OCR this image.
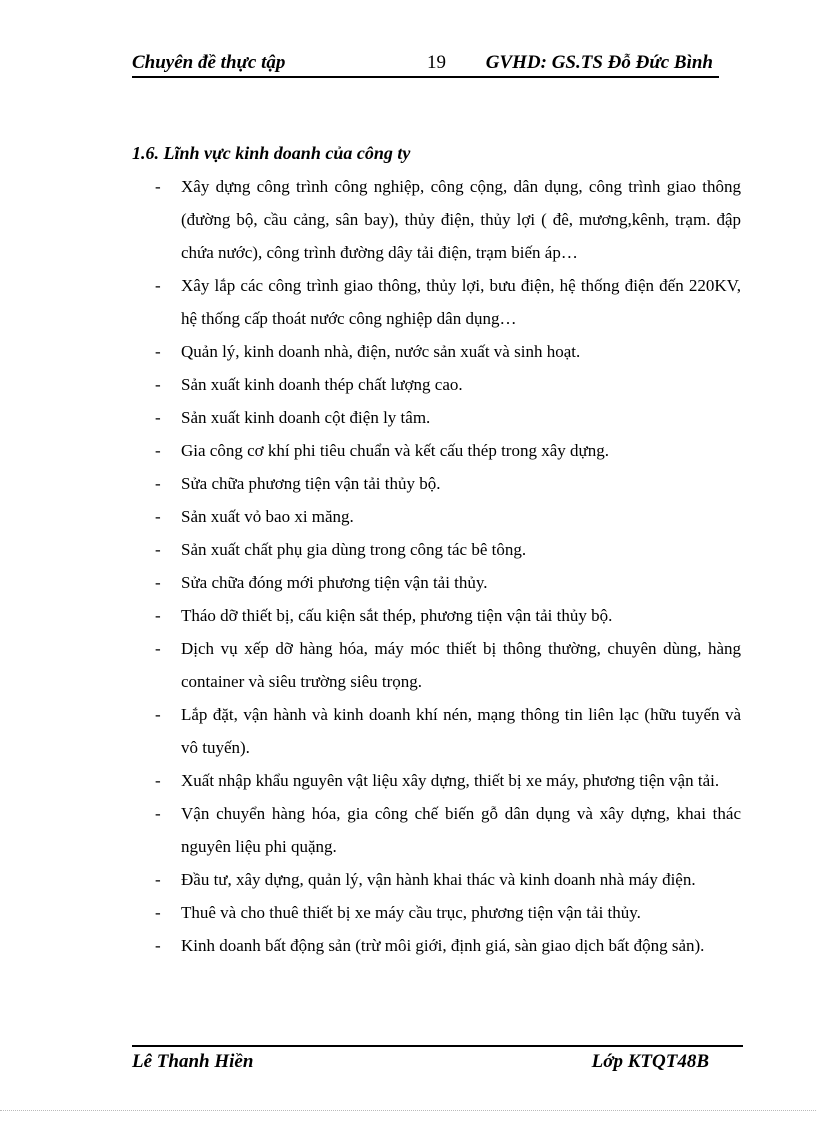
Chuyên đề thực tập	19 GVHD: GS.TS Đỗ Đức Bình
1.6. Lĩnh vực kinh doanh của công ty
- Xây dựng công trình công nghiệp, công cộng, dân dụng, công trình giao thông (đường bộ, cầu cảng, sân bay), thủy điện, thủy lợi ( đê, mương,kênh, trạm. đập chứa nước), công trình đường dây tải điện, trạm biến áp…
- Xây lắp các công trình giao thông, thủy lợi, bưu điện, hệ thống điện đến 220KV, hệ thống cấp thoát nước công nghiệp dân dụng…
- Quản lý, kinh doanh nhà, điện, nước sản xuất và sinh hoạt.
- Sản xuất kinh doanh thép chất lượng cao.
- Sản xuất kinh doanh cột điện ly tâm.
- Gia công cơ khí phi tiêu chuẩn và kết cấu thép trong xây dựng.
- Sửa chữa phương tiện vận tải thủy bộ.
- Sản xuất vỏ bao xi măng.
- Sản xuất chất phụ gia dùng trong công tác bê tông.
- Sửa chữa đóng mới phương tiện vận tải thủy.
- Tháo dỡ thiết bị, cấu kiện sắt thép, phương tiện vận tải thủy bộ.
- Dịch vụ xếp dỡ hàng hóa, máy móc thiết bị thông thường, chuyên dùng, hàng container và siêu trường siêu trọng.
- Lắp đặt, vận hành và kinh doanh khí nén, mạng thông tin liên lạc (hữu tuyến và vô tuyến).
- Xuất nhập khẩu nguyên vật liệu xây dựng, thiết bị xe máy, phương tiện vận tải.
- Vận chuyển hàng hóa, gia công chế biến gỗ dân dụng và xây dựng, khai thác nguyên liệu phi quặng.
- Đầu tư, xây dựng, quản lý, vận hành khai thác và kinh doanh nhà máy điện.
- Thuê và cho thuê thiết bị xe máy cầu trục, phương tiện vận tải thủy.
- Kinh doanh bất động sản (trừ môi giới, định giá, sàn giao dịch bất động sản).
Lê Thanh Hiền	Lớp KTQT48B
